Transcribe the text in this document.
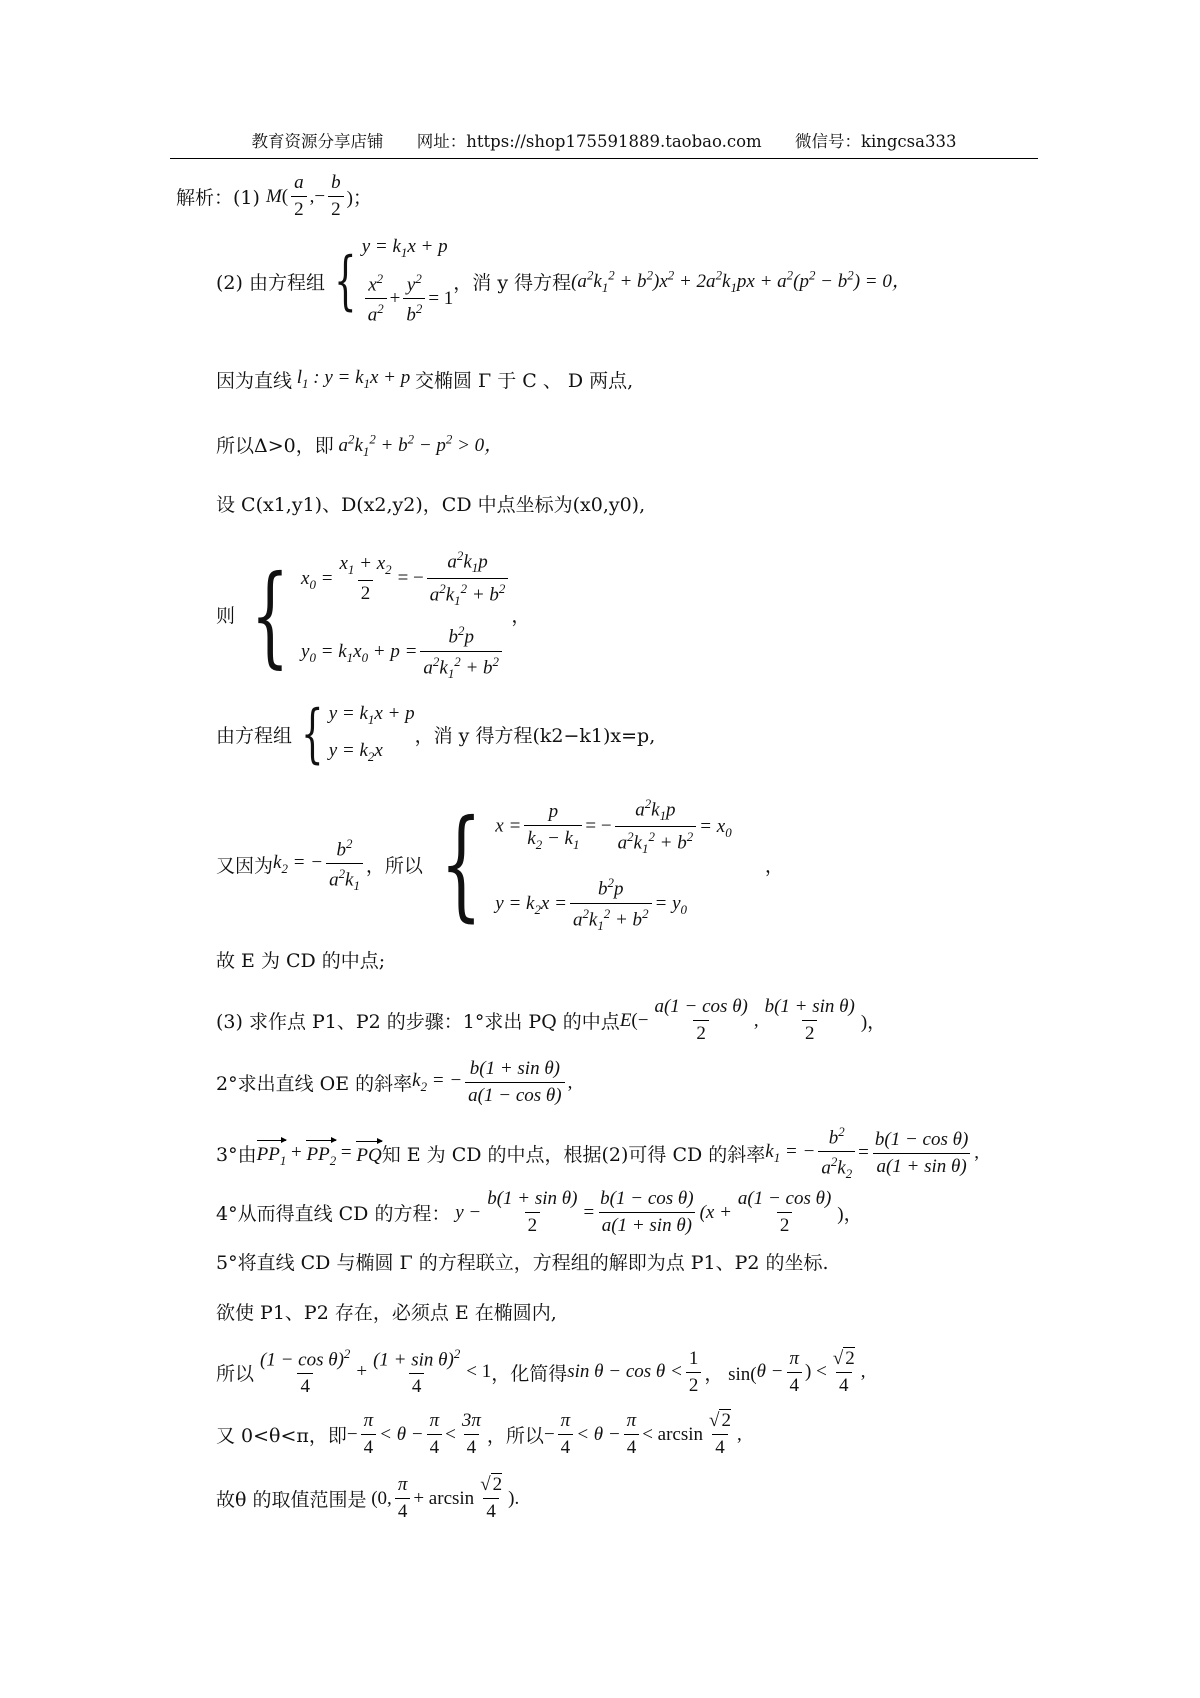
教育资源分享店铺 网址：https://shop175591889.taobao.com 微信号：kingcsa333
解析：(1)
M ( $\frac{a}{2}$ ,− $\frac{b}{2}$ )；
(2) 由方程组 { $y = k_1x + p$
$\frac{x^2}{a^2} + \frac{y^2}{b^2} = 1$
，消 y 得方程 $(a^2k_1^2 + b^2)x^2 + 2a^2k_1px + a^2(p^2 - b^2) = 0$，
因为直线 $l_1$ : $y = k_1x + p$ 交椭圆 Γ 于 C 、 D 两点,
所以Δ>0，即 $a^2k_1^2 + b^2 - p^2 > 0$，
设 C(x1,y1)、D(x2,y2)，CD 中点坐标为(x0,y0),
则 { $x_0 = \frac{x_1 + x_2}{2}$ = − $\frac{a^2k_1p}{a^2k_1^2 + b^2}$
$y_0 = k_1x_0 + p = \frac{b^2p}{a^2k_1^2 + b^2}$
，
由方程组 { $y = k_1x + p$
$y = k_2x$
，消 y 得方程(k2−k1)x=p,
又因为 $k_2$ = − $\frac{b^2}{a^2k_1}$ ，所以 { $x = \frac{p}{k_2 - k_1}$ = − $\frac{a^2k_1p}{a^2k_1^2 + b^2} = x_0$
$y = k_2x = \frac{b^2p}{a^2k_1^2 + b^2} = y_0$
，
故 E 为 CD 的中点;
(3) 求作点 P1、P2 的步骤：1°求出 PQ 的中点 E (− $\frac{\text{a(1 − cos θ)}}{2}$ , $\frac{\text{b(1 + sin θ)}}{2}$ )，
2°求出直线 OE 的斜率 $k_2$ = − $\frac{\text{b(1 + sin θ)}}{\text{a(1 − cos θ)}}$ ,
3°由 $PP_1 + PP_2$ = PQ 知 E 为 CD 的中点，根据(2)可得 CD 的斜率 $k_1$ = − $\frac{b^2}{a^2k_2} = \frac{\text{b(1 − cos θ)}}{\text{a(1 + sin θ)}}$ ,
4°从而得直线 CD 的方程： $y - \frac{\text{b(1 + sin θ)}}{2} = \frac{\text{b(1 − cos θ)}}{\text{a(1 + sin θ)}} (x + \frac{\text{a(1 − cos θ)}}{2}$ )，
5°将直线 CD 与椭圆 Γ 的方程联立，方程组的解即为点 P1、P2 的坐标.
欲使 P1、P2 存在，必须点 E 在椭圆内,
所以 $\frac{(1 - \cos \theta)^2}{4} + \frac{(1 + \sin \theta)^2}{4} < 1$ ，化简得 $\sin \theta - \cos \theta < \frac{1}{2}$ ， sin( $\theta - \frac{\pi}{4}$ ) < $\frac{√ 2}{4}$ ,
又 0<θ<π，即 − $\frac{\pi}{4} < \theta - \frac{\pi}{4} < \frac{3\pi}{4}$ ，所以 − $\frac{\pi}{4} < \theta - \frac{\pi}{4} < \arcsin \frac{√ 2}{4}$ ,
故θ 的取值范围是 (0, $\frac{\pi}{4} + \arcsin \frac{√ 2}{4}$ ).
